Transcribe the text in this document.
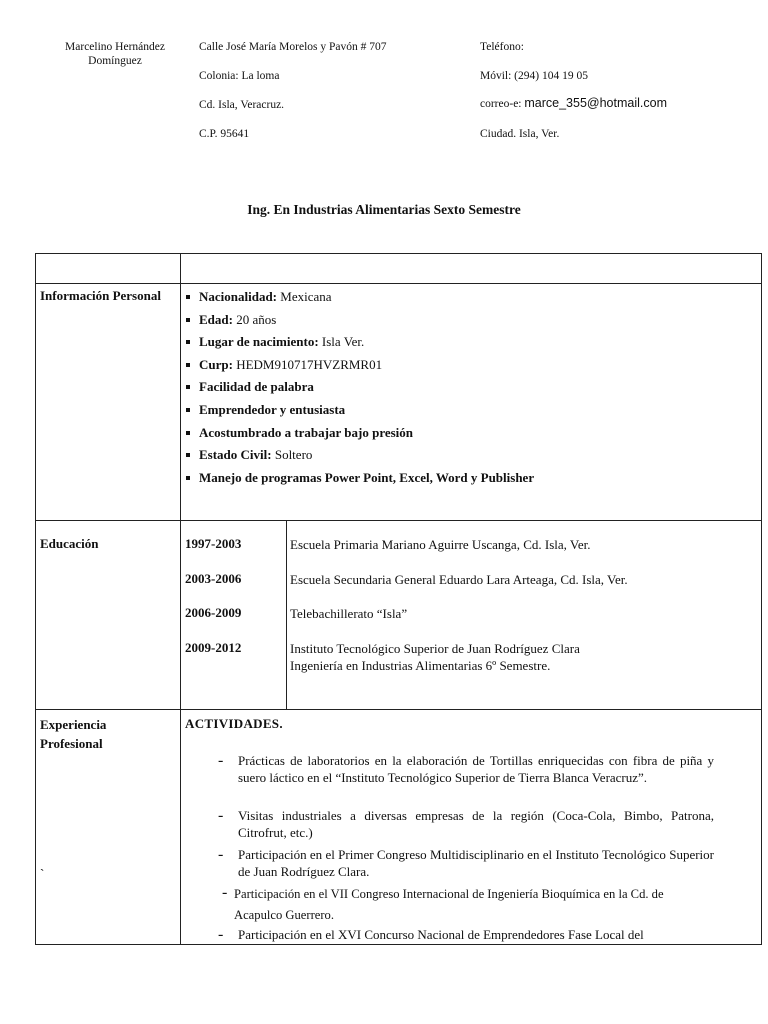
Marcelino Hernández
Domínguez
Calle José María Morelos y Pavón # 707
Colonia: La loma
Cd. Isla, Veracruz.
C.P. 95641
Teléfono:
Móvil: (294) 104 19 05
correo-e: marce_355@hotmail.com
Ciudad. Isla, Ver.
Ing. En Industrias Alimentarias Sexto Semestre
Información Personal	Nacionalidad: Mexicana
Edad: 20 años
Lugar de nacimiento: Isla Ver.
Curp: HEDM910717HVZRMR01
Facilidad de palabra
Emprendedor y entusiasta
Acostumbrado a trabajar bajo presión
Estado Civil: Soltero
Manejo de programas Power Point, Excel, Word y Publisher
Educación	1997-2003	Escuela Primaria Mariano Aguirre Uscanga, Cd. Isla, Ver.
2003-2006	Escuela Secundaria General Eduardo Lara Arteaga, Cd. Isla, Ver.
2006-2009	Telebachillerato “Isla”
2009-2012	Instituto Tecnológico Superior de Juan Rodríguez Clara
Ingeniería en Industrias Alimentarias 6º Semestre.
Experiencia
Profesional
`
ACTIVIDADES.
- Prácticas de laboratorios en la elaboración de Tortillas enriquecidas con fibra de piña y suero láctico en el “Instituto Tecnológico Superior de Tierra Blanca Veracruz”.
- Visitas industriales a diversas empresas de la región (Coca-Cola, Bimbo, Patrona, Citrofrut, etc.)
- Participación en el Primer Congreso Multidisciplinario en el Instituto Tecnológico Superior de Juan Rodríguez Clara.
- Participación en el VII Congreso Internacional de Ingeniería Bioquímica en la Cd. de Acapulco Guerrero.
- Participación en el XVI Concurso Nacional de Emprendedores Fase Local del
